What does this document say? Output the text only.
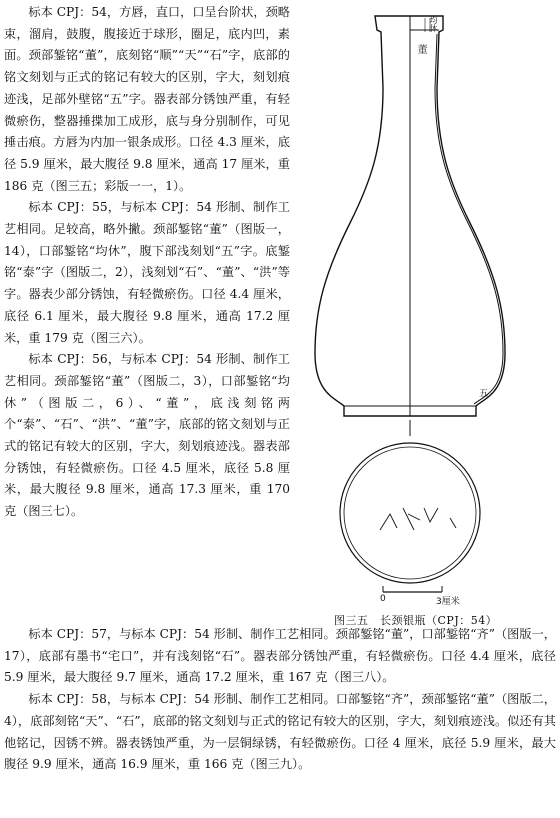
标本 CPJ：54，方唇，直口，口呈台阶状，颈略束，溜肩，鼓腹，腹接近于球形，圈足，底内凹，素面。颈部錾铭“董”，底刻铭“顺”“天”“石”字，底部的铭文刻划与正式的铭记有较大的区别，字大，刻划痕迹浅，足部外壁铭“五”字。器表部分锈蚀严重，有轻微瘀伤，整器捶揲加工成形，底与身分别制作，可见捶击痕。方唇为内加一银条成形。口径 4.3 厘米，底径 5.9 厘米，最大腹径 9.8 厘米，通高 17 厘米，重 186 克（图三五；彩版一一，1）。

标本 CPJ：55，与标本 CPJ：54 形制、制作工艺相同。足较高，略外撇。颈部錾铭“董”（图版一，14），口部錾铭“均休”，腹下部浅刻划“五”字。底錾铭“泰”字（图版二，2），浅刻划“石”、“董”、“洪”等字。器表少部分锈蚀，有轻微瘀伤。口径 4.4 厘米，底径 6.1 厘米，最大腹径 9.8 厘米，通高 17.2 厘米，重 179 克（图三六）。

标本 CPJ：56，与标本 CPJ：54 形制、制作工艺相同。颈部錾铭“董”（图版二，3），口部錾铭“均休”（图版二，6）、“董”，底浅刻铭两个“泰”、“石”、“洪”、“董”字，底部的铭文刻划与正式的铭记有较大的区别，字大，刻划痕迹浅。器表部分锈蚀，有轻微瘀伤。口径 4.5 厘米，底径 5.8 厘米，最大腹径 9.8 厘米，通高 17.3 厘米，重 170 克（图三七）。

董
均休
五
0	3厘米
图三五　长颈银瓶（CPJ：54）

标本 CPJ：57，与标本 CPJ：54 形制、制作工艺相同。颈部錾铭“董”，口部錾铭“齐”（图版一，17），底部有墨书“宅口”，并有浅刻铭“石”。器表部分锈蚀严重，有轻微瘀伤。口径 4.4 厘米，底径 5.9 厘米，最大腹径 9.7 厘米，通高 17.2 厘米，重 167 克（图三八）。

标本 CPJ：58，与标本 CPJ：54 形制、制作工艺相同。口部錾铭“齐”，颈部錾铭“董”（图版二，4），底部刻铭“天”、“石”，底部的铭文刻划与正式的铭记有较大的区别，字大，刻划痕迹浅。似还有其他铭记，因锈不辨。器表锈蚀严重，为一层铜绿锈，有轻微瘀伤。口径 4 厘米，底径 5.9 厘米，最大腹径 9.9 厘米，通高 16.9 厘米，重 166 克（图三九）。
